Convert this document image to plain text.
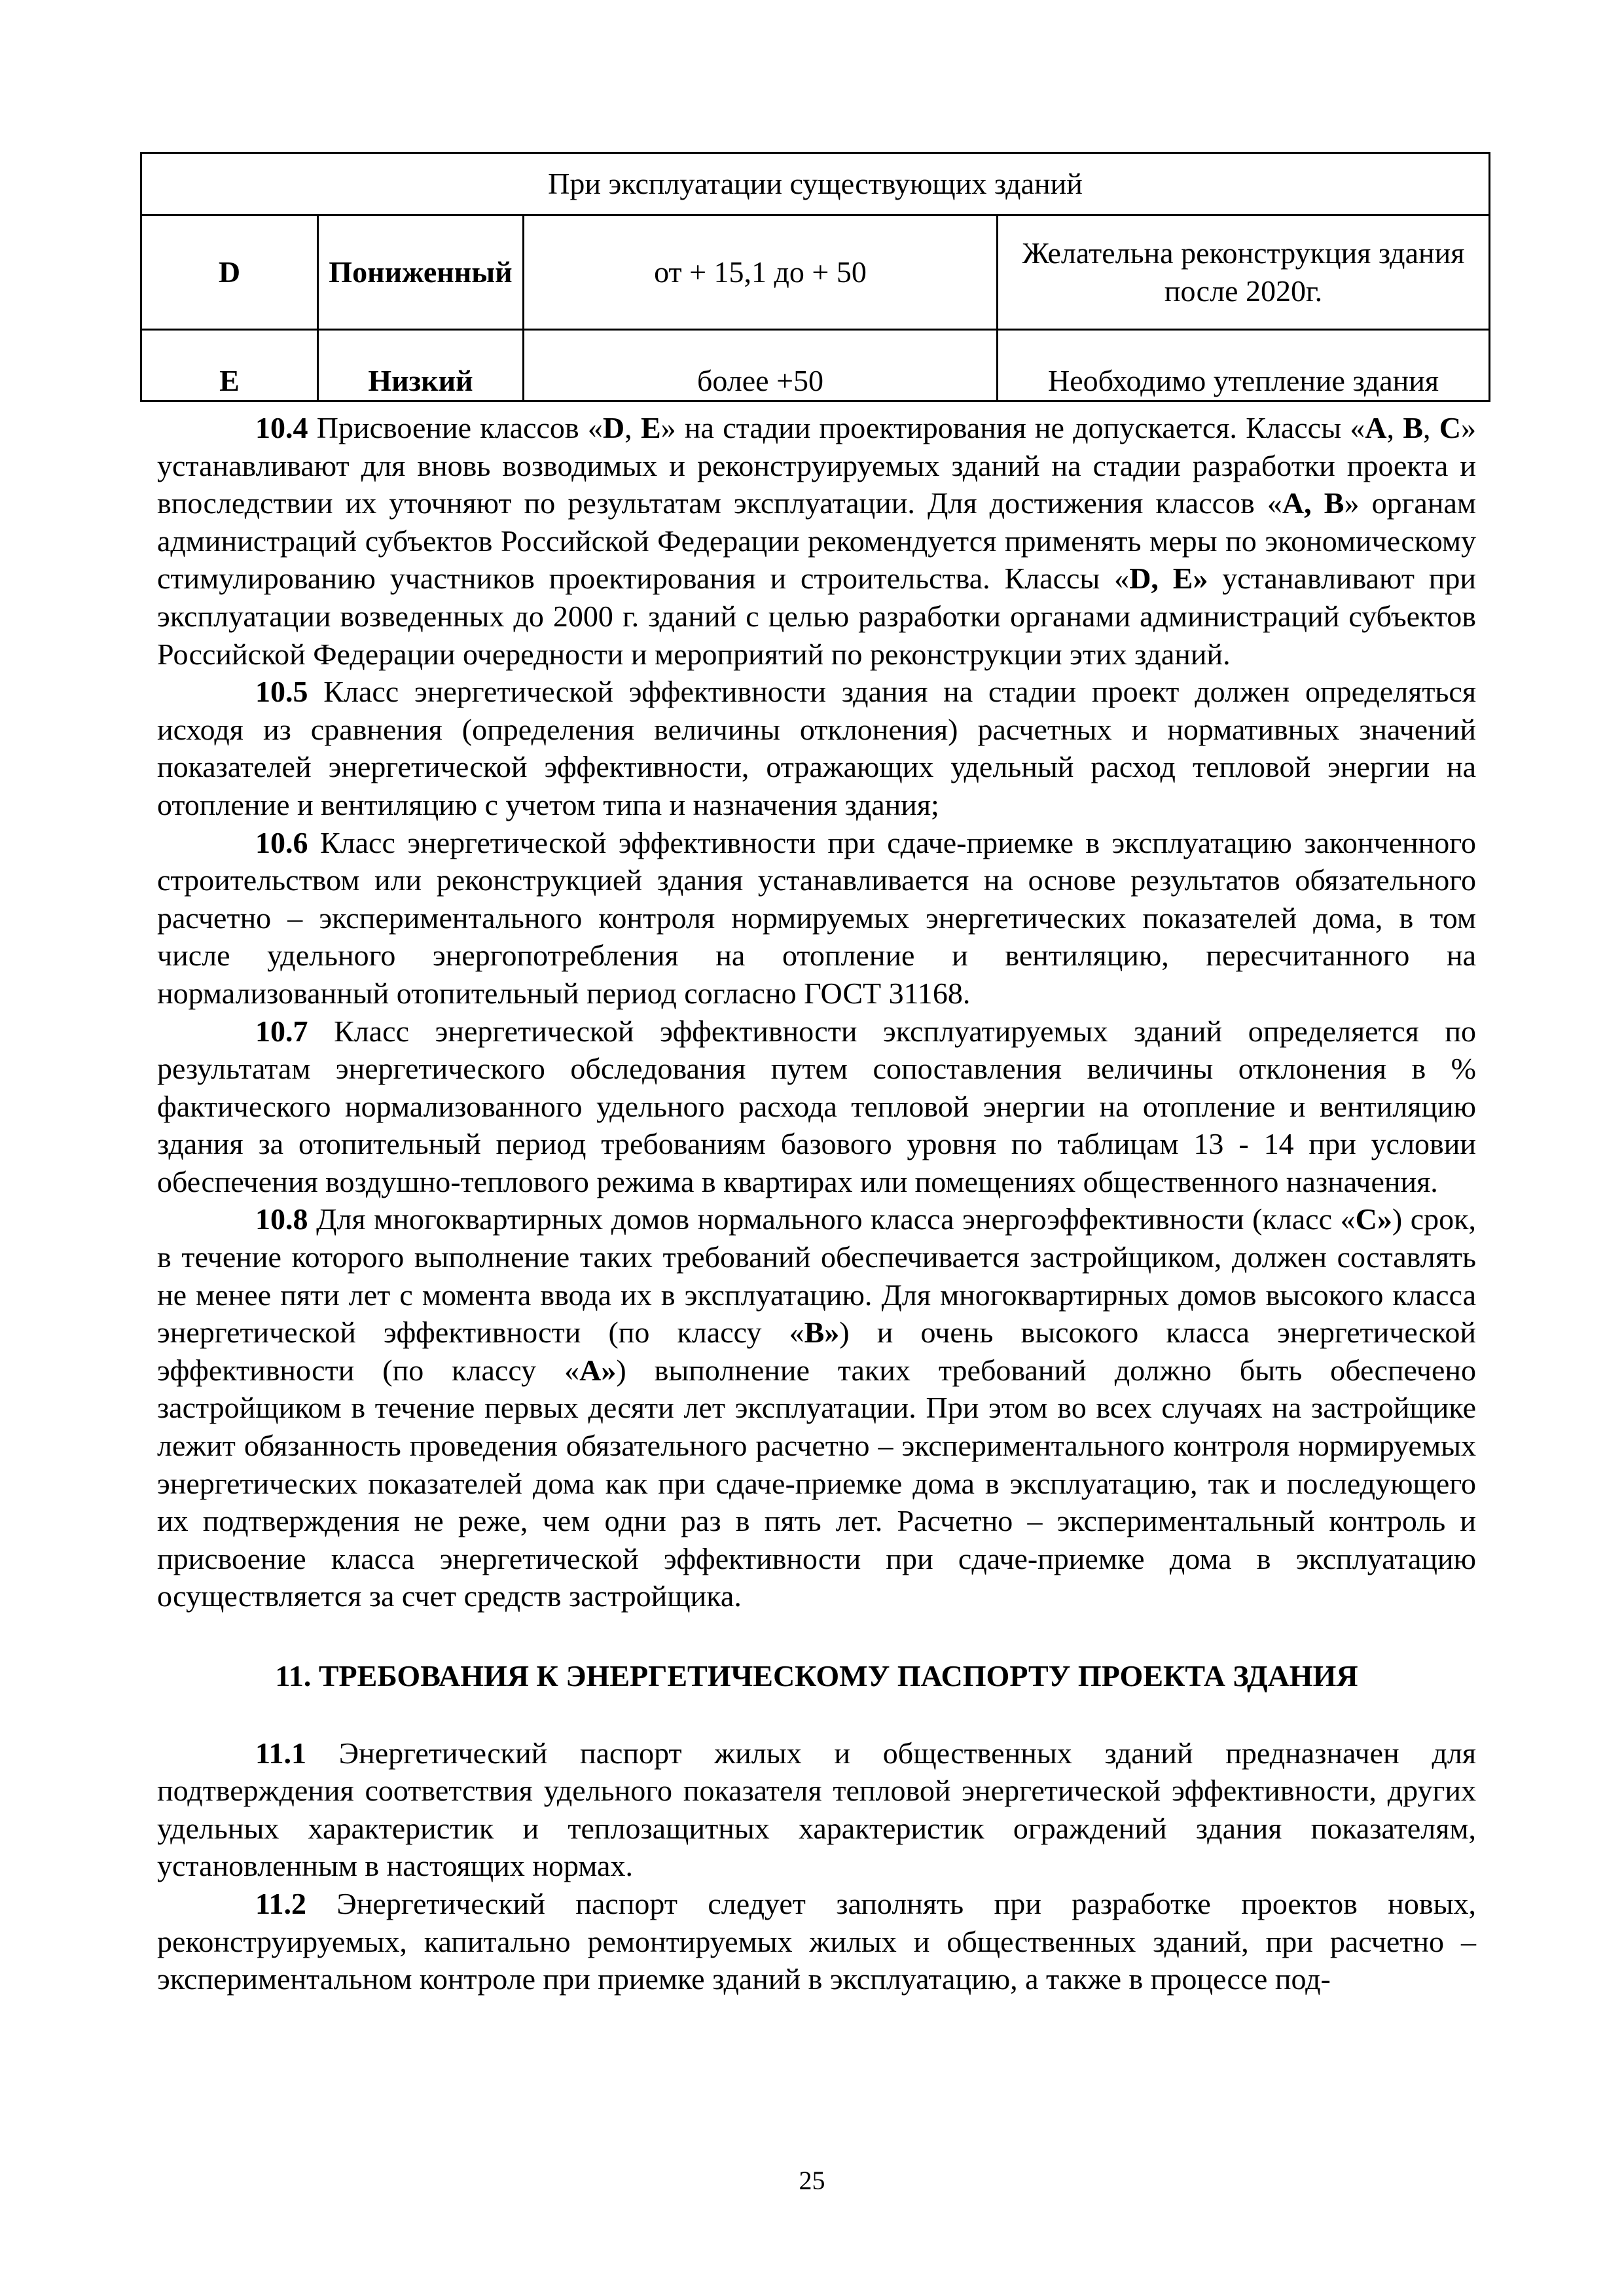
При эксплуатации существующих зданий			
D	Пониженный	от + 15,1 до + 50	Желательна реконструкция здания после 2020г.
E	Низкий	более +50	Необходимо утепление здания

10.4 Присвоение классов «D, E» на стадии проектирования не допускается. Классы «A, B, C» устанавливают для вновь возводимых и реконструируемых зданий на стадии разработки проекта и впоследствии их уточняют по результатам эксплуатации. Для достижения классов «A, B» органам администраций субъектов Российской Федерации рекомендуется применять меры по экономическому стимулированию участников проектирования и строительства. Классы «D, E» устанавливают при эксплуатации возведенных до 2000 г. зданий с целью разработки органами администраций субъектов Российской Федерации очередности и мероприятий по реконструкции этих зданий.

10.5 Класс энергетической эффективности здания на стадии проект должен определяться исходя из сравнения (определения величины отклонения) расчетных и нормативных значений показателей энергетической эффективности, отражающих удельный расход тепловой энергии на отопление и вентиляцию с учетом типа и назначения здания;

10.6 Класс энергетической эффективности при сдаче-приемке в эксплуатацию законченного строительством или реконструкцией здания устанавливается на основе результатов обязательного расчетно – экспериментального контроля нормируемых энергетических показателей дома, в том числе удельного энергопотребления на отопление и вентиляцию, пересчитанного на нормализованный отопительный период согласно ГОСТ 31168.

10.7 Класс энергетической эффективности эксплуатируемых зданий определяется по результатам энергетического обследования путем сопоставления величины отклонения в % фактического нормализованного удельного расхода тепловой энергии на отопление и вентиляцию здания за отопительный период требованиям базового уровня по таблицам 13 - 14 при условии обеспечения воздушно-теплового режима в квартирах или помещениях общественного назначения.

10.8 Для многоквартирных домов нормального класса энергоэффективности (класс «С») срок, в течение которого выполнение таких требований обеспечивается застройщиком, должен составлять не менее пяти лет с момента ввода их в эксплуатацию. Для многоквартирных домов высокого класса энергетической эффективности (по классу «B») и очень высокого класса энергетической эффективности (по классу «A») выполнение таких требований должно быть обеспечено застройщиком в течение первых десяти лет эксплуатации. При этом во всех случаях на застройщике лежит обязанность проведения обязательного расчетно – экспериментального контроля нормируемых энергетических показателей дома как при сдаче-приемке дома в эксплуатацию, так и последующего их подтверждения не реже, чем одни раз в пять лет. Расчетно – экспериментальный контроль и присвоение класса энергетической эффективности при сдаче-приемке дома в эксплуатацию осуществляется за счет средств застройщика.

11. ТРЕБОВАНИЯ К ЭНЕРГЕТИЧЕСКОМУ ПАСПОРТУ ПРОЕКТА ЗДАНИЯ

11.1 Энергетический паспорт жилых и общественных зданий предназначен для подтверждения соответствия удельного показателя тепловой энергетической эффективности, других удельных характеристик и теплозащитных характеристик ограждений здания показателям, установленным в настоящих нормах.

11.2 Энергетический паспорт следует заполнять при разработке проектов новых, реконструируемых, капитально ремонтируемых жилых и общественных зданий, при расчетно – экспериментальном контроле при приемке зданий в эксплуатацию, а также в процессе под-

25
